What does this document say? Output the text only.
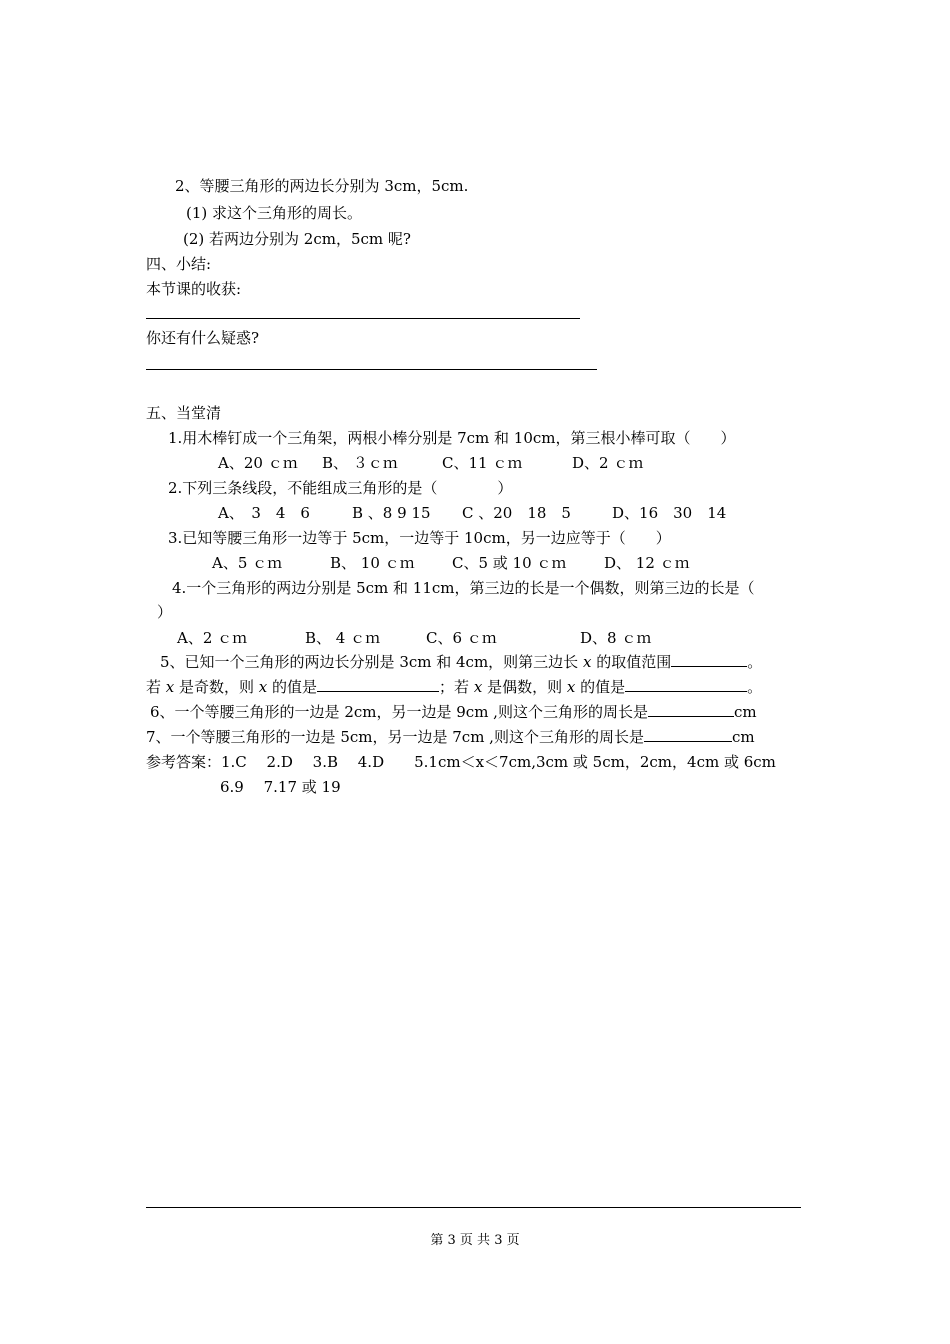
2、等腰三角形的两边长分别为 3cm，5cm.
(1) 求这个三角形的周长。
(2) 若两边分别为 2cm，5cm 呢?
四、小结:
本节课的收获:
你还有什么疑惑?
五、当堂清
1.用木棒钉成一个三角架，两根小棒分别是 7cm 和 10cm，第三根小棒可取（　　）
A、20 ｃｍ B、 ３ｃｍ	C、11 ｃｍ	D、2 ｃｍ
2.下列三条线段，不能组成三角形的是（　　　　）
A、　3　4　6	B 、8 9 15 C 、20　18　5	D、16　30　14
3.已知等腰三角形一边等于 5cm，一边等于 10cm，另一边应等于（　　）
A、5 ｃｍ	B、 10 ｃｍ C、5 或 10 ｃｍ	D、 12 ｃｍ
4.一个三角形的两边分别是 5cm 和 11cm，第三边的长是一个偶数，则第三边的长是（
）
A、2 ｃｍ	B、 4 ｃｍ	C、6 ｃｍ	D、8 ｃｍ
5、已知一个三角形的两边长分别是 3cm 和 4cm，则第三边长 x 的取值范围	。
若 x 是奇数，则 x 的值是	；若 x 是偶数，则 x 的值是	。
6、一个等腰三角形的一边是 2cm，另一边是 9cm ,则这个三角形的周长是	cm
7、一个等腰三角形的一边是 5cm，另一边是 7cm ,则这个三角形的周长是	cm
参考答案：1.C　 2.D　 3.B　 4.D　　5.1cm＜x＜7cm,3cm 或 5cm，2cm，4cm 或 6cm
6.9　 7.17 或 19
第 3 页 共 3 页
